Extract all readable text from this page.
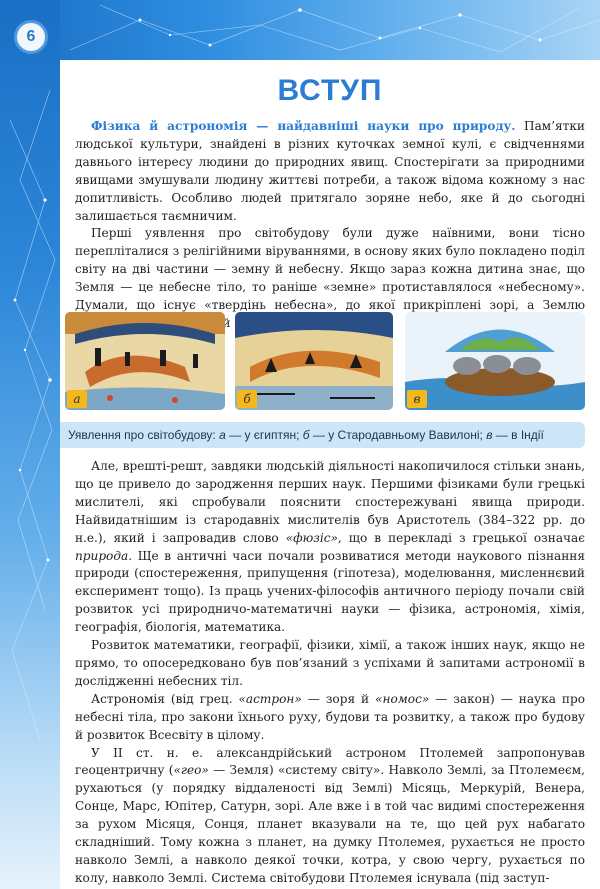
6
ВСТУП

Фізика й астрономія — найдавніші науки про природу. Пам’ятки людської культури, знайдені в різних куточках земної кулі, є свідченнями давнього інтересу людини до природних явищ. Спостерігати за природними явищами змушували людину життєві потреби, а також відома кожному з нас допитливість. Особливо людей притягало зоряне небо, яке й до сьогодні залишається таємничим.

Перші уявлення про світобудову були дуже наївними, вони тісно перепліталися з релігійними віруваннями, в основу яких було покладено поділ світу на дві частини — земну й небесну. Якщо зараз кожна дитина знає, що Земля — це небесне тіло, то раніше «земне» протиставлялося «небесному». Думали, що існує «твердінь небесна», до якої прикріплені зорі, а Землю

а	б	в
Уявлення про світобудову: а — у єгиптян; б — у Стародавньому Вавилоні; в — в Індії

Але, врешті-решт, завдяки людській діяльності накопичилося стільки знань, що це привело до зародження перших наук. Першими фізиками були грецькі мислителі, які спробували пояснити спостережувані явища природи. Найвидатнішим із стародавніх мислителів був Аристотель (384–322 рр. до н.е.), який і запровадив слово «фюзіс», що в перекладі з грецької означає природа. Ще в античні часи почали розвиватися методи наукового пізнання природи (спостереження, припущення (гіпотеза), моделювання, мисленнєвий експеримент тощо). Із праць учених-філософів античного періоду почали свій розвиток усі природничо-математичні науки — фізика, астрономія, хімія, географія, біологія, математика.

Розвиток математики, географії, фізики, хімії, а також інших наук, якщо не прямо, то опосередковано був пов’язаний з успіхами й запитами астрономії в дослідженні небесних тіл.

Астрономія (від грец. «астрон» — зоря й «номос» — закон) — наука про небесні тіла, про закони їхнього руху, будови та розвитку, а також про будову й розвиток Всесвіту в цілому.

У II ст. н. е. александрійський астроном Птолемей запропонував геоцентричну («гео» — Земля) «систему світу». Навколо Землі, за Птолемеєм, рухаються (у порядку віддаленості від Землі) Місяць, Меркурій, Венера, Сонце, Марс, Юпітер, Сатурн, зорі. Але вже і в той час видимі спостереження за рухом Місяця, Сонця, планет вказували на те, що цей рух набагато складніший. Тому кожна з планет, на думку Птолемея, рухається не просто навколо Землі, а навколо деякої точки, котра, у свою чергу, рухається по колу, навколо Землі. Система світобудови Птолемея існувала (під заступ-
